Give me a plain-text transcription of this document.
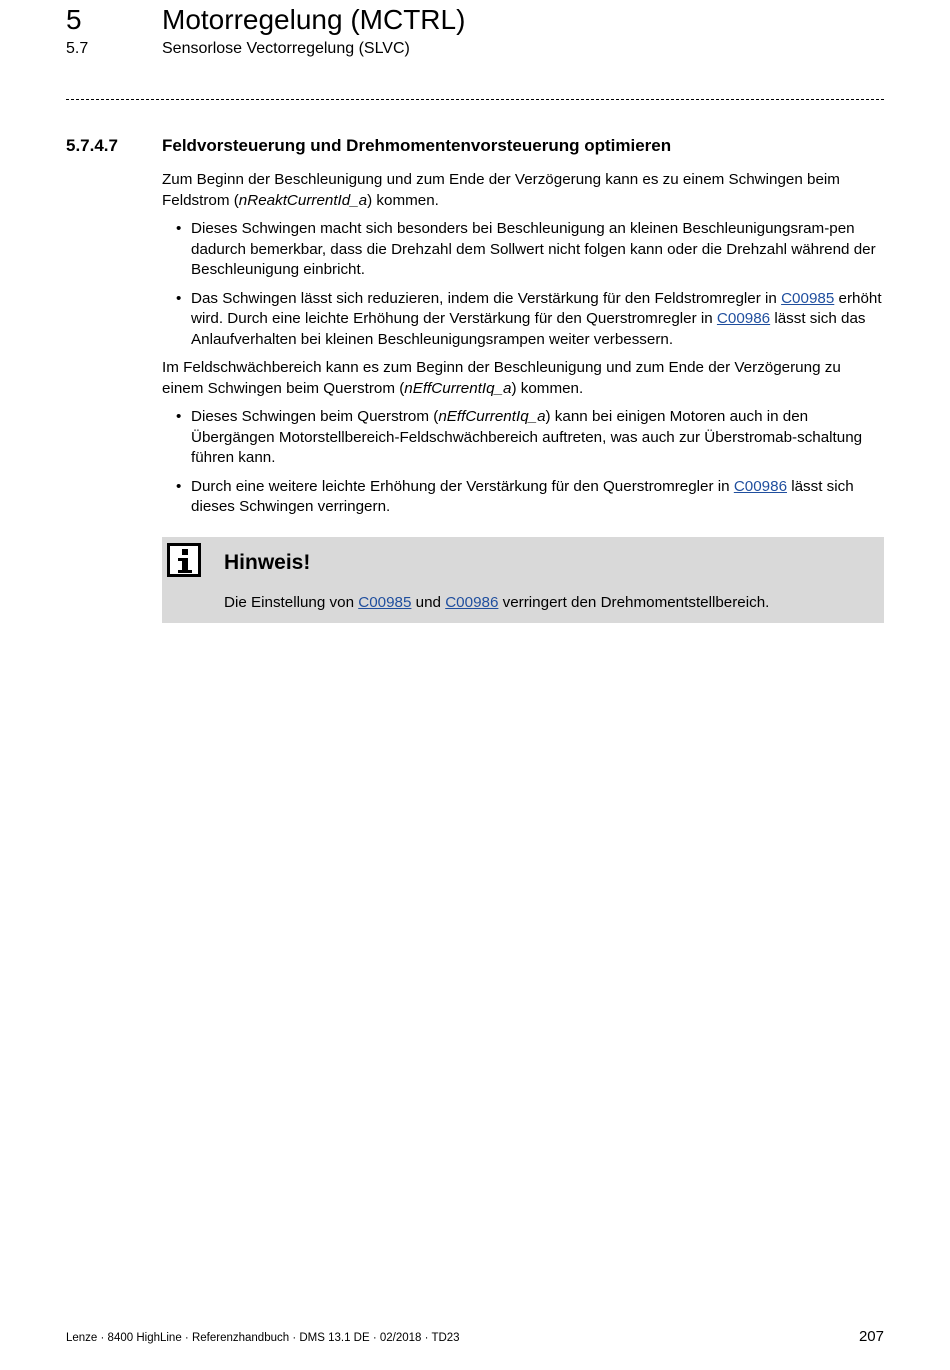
5	Motorregelung (MCTRL)
5.7	Sensorlose Vectorregelung (SLVC)
5.7.4.7	Feldvorsteuerung und Drehmomentenvorsteuerung optimieren

Zum Beginn der Beschleunigung und zum Ende der Verzögerung kann es zu einem Schwingen beim Feldstrom (nReaktCurrentId_a) kommen.

• Dieses Schwingen macht sich besonders bei Beschleunigung an kleinen Beschleunigungsram-pen dadurch bemerkbar, dass die Drehzahl dem Sollwert nicht folgen kann oder die Drehzahl während der Beschleunigung einbricht.
• Das Schwingen lässt sich reduzieren, indem die Verstärkung für den Feldstromregler in C00985 erhöht wird. Durch eine leichte Erhöhung der Verstärkung für den Querstromregler in C00986 lässt sich das Anlaufverhalten bei kleinen Beschleunigungsrampen weiter verbessern.

Im Feldschwächbereich kann es zum Beginn der Beschleunigung und zum Ende der Verzögerung zu einem Schwingen beim Querstrom (nEffCurrentIq_a) kommen.

• Dieses Schwingen beim Querstrom (nEffCurrentIq_a) kann bei einigen Motoren auch in den Übergängen Motorstellbereich-Feldschwächbereich auftreten, was auch zur Überstromab-schaltung führen kann.
• Durch eine weitere leichte Erhöhung der Verstärkung für den Querstromregler in C00986 lässt sich dieses Schwingen verringern.
Hinweis!
Die Einstellung von C00985 und C00986 verringert den Drehmomentstellbereich.
Lenze · 8400 HighLine · Referenzhandbuch · DMS 13.1 DE · 02/2018 · TD23	207
